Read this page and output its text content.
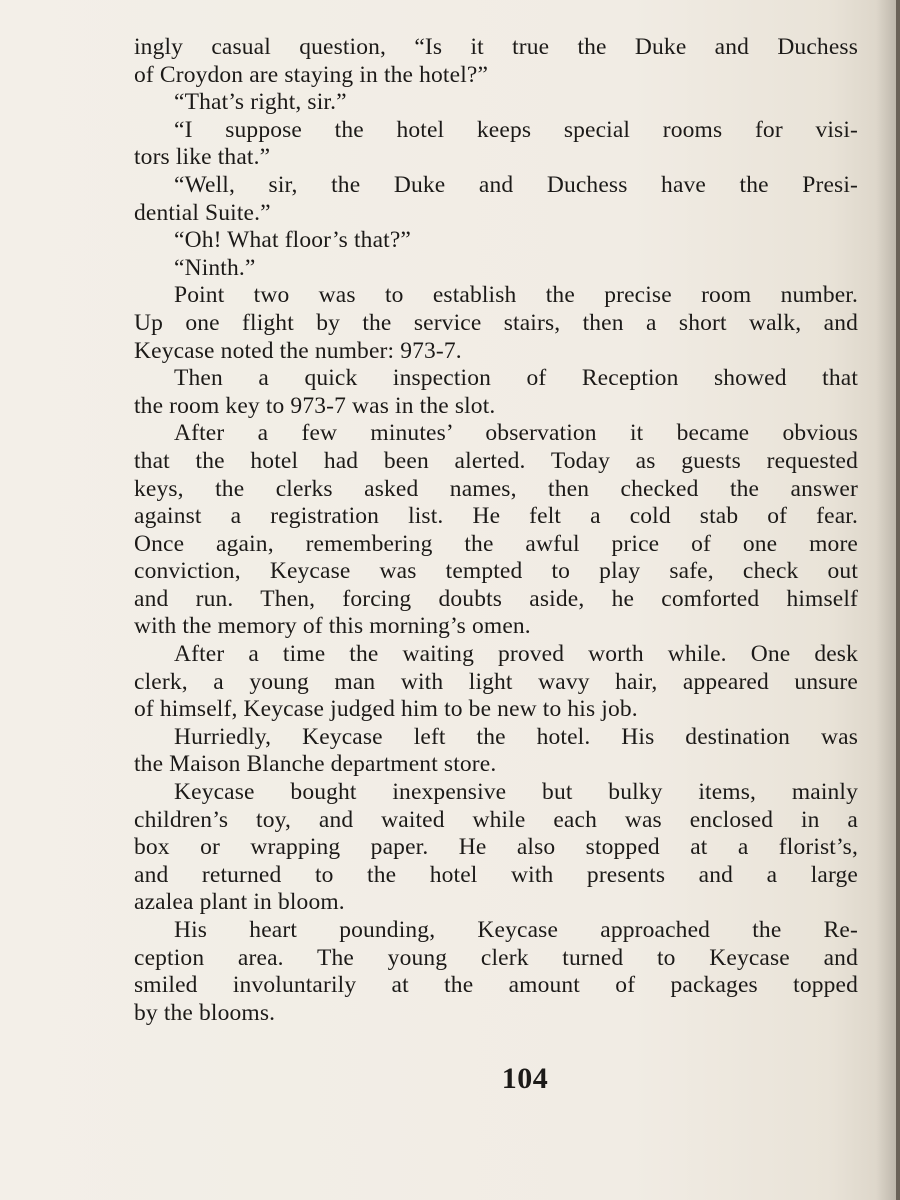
ingly casual question, “Is it true the Duke and Duchess
of Croydon are staying in the hotel?”
“That’s right, sir.”
“I suppose the hotel keeps special rooms for visi-
tors like that.”
“Well, sir, the Duke and Duchess have the Presi-
dential Suite.”
“Oh! What floor’s that?”
“Ninth.”
Point two was to establish the precise room number.
Up one flight by the service stairs, then a short walk, and
Keycase noted the number: 973-7.
Then a quick inspection of Reception showed that
the room key to 973-7 was in the slot.
After a few minutes’ observation it became obvious
that the hotel had been alerted. Today as guests requested
keys, the clerks asked names, then checked the answer
against a registration list. He felt a cold stab of fear.
Once again, remembering the awful price of one more
conviction, Keycase was tempted to play safe, check out
and run. Then, forcing doubts aside, he comforted himself
with the memory of this morning’s omen.
After a time the waiting proved worth while. One desk
clerk, a young man with light wavy hair, appeared unsure
of himself, Keycase judged him to be new to his job.
Hurriedly, Keycase left the hotel. His destination was
the Maison Blanche department store.
Keycase bought inexpensive but bulky items, mainly
children’s toy, and waited while each was enclosed in a
box or wrapping paper. He also stopped at a florist’s,
and returned to the hotel with presents and a large
azalea plant in bloom.
His heart pounding, Keycase approached the Re-
ception area. The young clerk turned to Keycase and
smiled involuntarily at the amount of packages topped
by the blooms.
104
